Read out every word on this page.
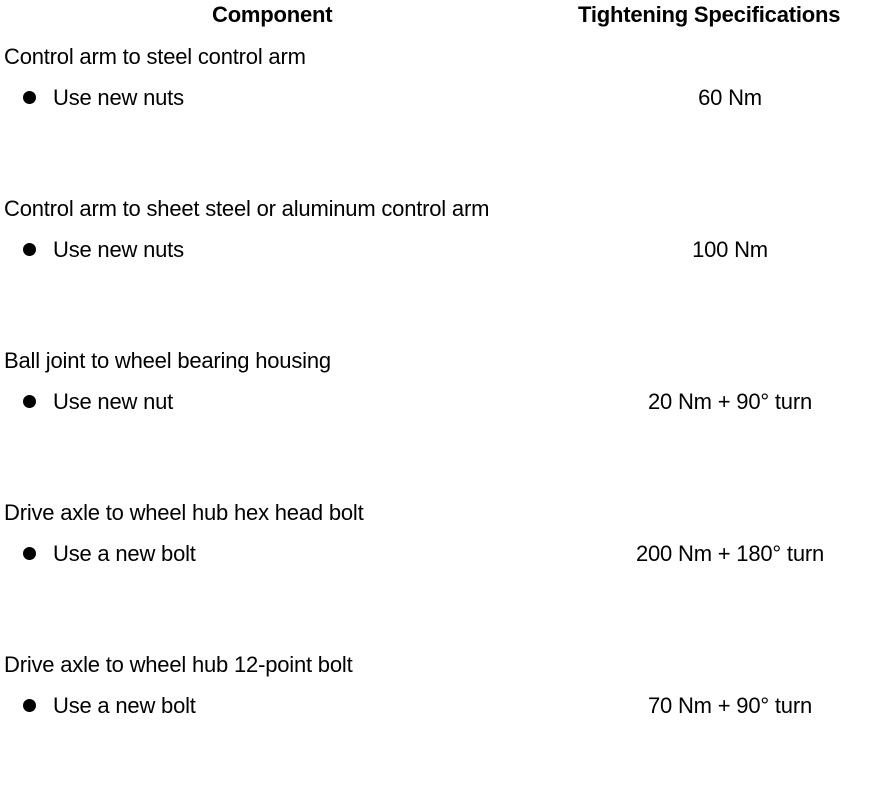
Component	Tightening Specifications
Control arm to steel control arm
Use new nuts	60 Nm
Control arm to sheet steel or aluminum control arm
Use new nuts	100 Nm
Ball joint to wheel bearing housing
Use new nut	20 Nm + 90° turn
Drive axle to wheel hub hex head bolt
Use a new bolt	200 Nm + 180° turn
Drive axle to wheel hub 12-point bolt
Use a new bolt	70 Nm + 90° turn
